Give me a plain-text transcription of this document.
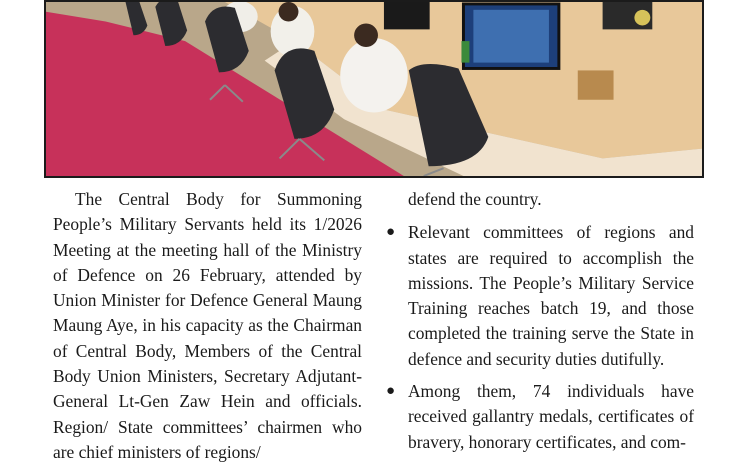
The Central Body for Summoning People’s Military Servants held its 1/2026 Meeting at the meeting hall of the Ministry of Defence on 26 February, attended by Union Minister for Defence General Maung Maung Aye, in his capacity as the Chairman of Central Body, Members of the Central Body Union Ministers, Secretary Adjutant-General Lt-Gen Zaw Hein and officials. Region/ State committees’ chairmen who are chief ministers of regions/

defend the country.

● Relevant committees of regions and states are required to accomplish the missions. The People’s Military Service Training reaches batch 19, and those completed the training serve the State in defence and security duties dutifully.
● Among them, 74 individuals have received gallantry medals, certificates of bravery, honorary certificates, and com-
